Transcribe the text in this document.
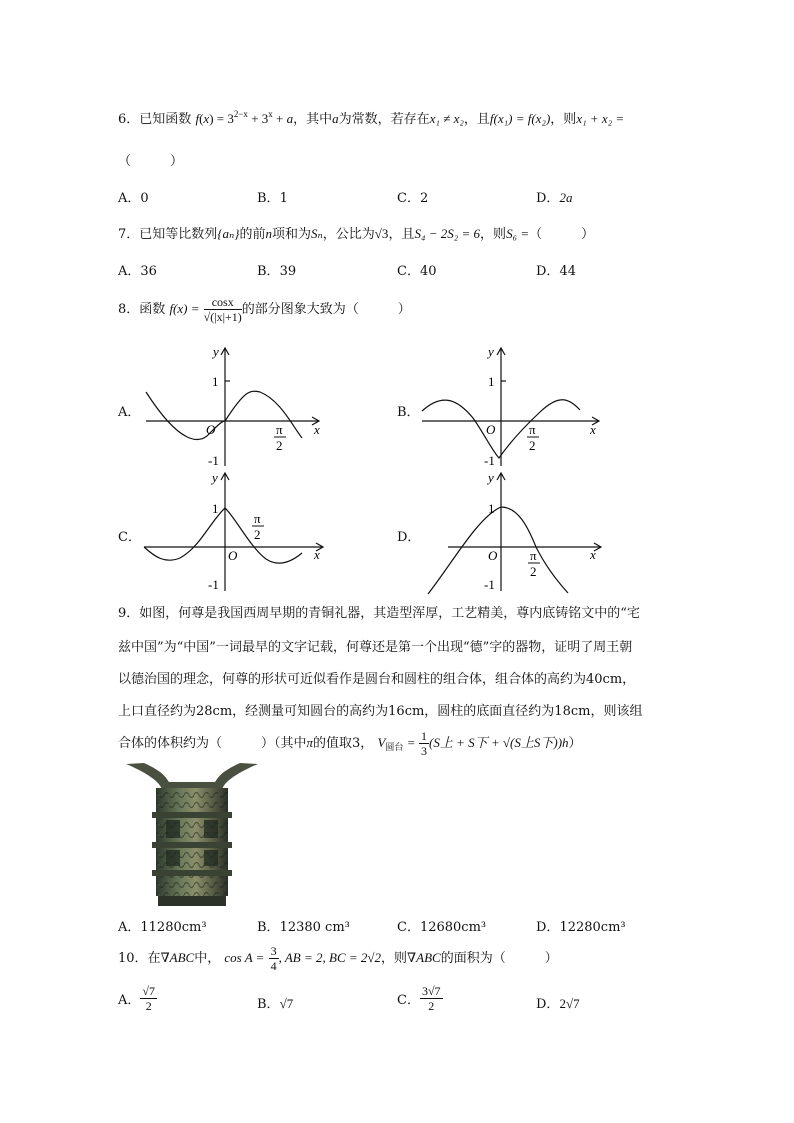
6．已知函数 $f(x) = 3^{2-x} + 3^x + a$，其中a为常数，若存在x₁ ≠ x₂，且f(x₁) = f(x₂)，则x₁ + x₂ =
（　　　）
A．0	B．1	C．2	D．2a
7．已知等比数列{aₙ}的前n项和为Sₙ，公比为√3，且S₄ − 2S₂ = 6，则S₆ =（　　　）
A．36	B．39	C．40	D．44
8．函数 $f(x) = \frac{\cos x}{√(|x|+1)}$ 的部分图象大致为（　　　）
A．
y
1
O
-1
x
π
2
B．
y
1
O
-1
x
π
2
C．
y
1
O
-1
x
π
2	D．
y
1
O
-1
x
π
2
9．如图，何尊是我国西周早期的青铜礼器，其造型浑厚，工艺精美，尊内底铸铭文中的“宅
兹中国”为“中国”一词最早的文字记载，何尊还是第一个出现“德”字的器物，证明了周王朝
以德治国的理念，何尊的形状可近似看作是圆台和圆柱的组合体，组合体的高约为40cm，
上口直径约为28cm，经测量可知圆台的高约为16cm，圆柱的底面直径约为18cm，则该组
合体的体积约为（　　　）（其中π的值取3， $V_{圆台} = \frac{1}{3} (S$上 + S下 + √(S上S下))h）
A．11280cm³	B．12380 cm³	C．12680cm³	D．12280cm³
10．在∇ABC中， $\cos A = \frac{3}{4}$ , AB = 2, BC = 2√2，则∇ABC的面积为（　　　）
A． $\frac{√7}{2}$	B．√7	C． $\frac{3√7}{2}$	D．2√7
